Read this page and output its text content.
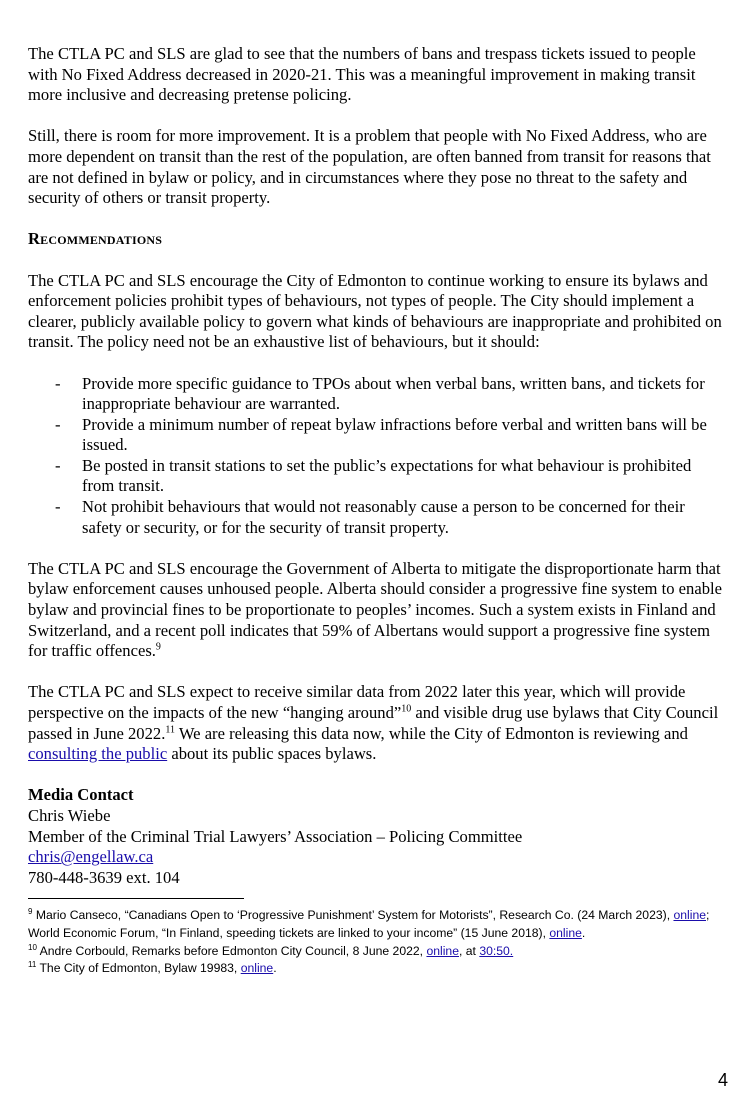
The CTLA PC and SLS are glad to see that the numbers of bans and trespass tickets issued to people with No Fixed Address decreased in 2020-21. This was a meaningful improvement in making transit more inclusive and decreasing pretense policing.

Still, there is room for more improvement. It is a problem that people with No Fixed Address, who are more dependent on transit than the rest of the population, are often banned from transit for reasons that are not defined in bylaw or policy, and in circumstances where they pose no threat to the safety and security of others or transit property.

Recommendations

The CTLA PC and SLS encourage the City of Edmonton to continue working to ensure its bylaws and enforcement policies prohibit types of behaviours, not types of people. The City should implement a clearer, publicly available policy to govern what kinds of behaviours are inappropriate and prohibited on transit. The policy need not be an exhaustive list of behaviours, but it should:

- Provide more specific guidance to TPOs about when verbal bans, written bans, and tickets for inappropriate behaviour are warranted.
- Provide a minimum number of repeat bylaw infractions before verbal and written bans will be issued.
- Be posted in transit stations to set the public’s expectations for what behaviour is prohibited from transit.
- Not prohibit behaviours that would not reasonably cause a person to be concerned for their safety or security, or for the security of transit property.

The CTLA PC and SLS encourage the Government of Alberta to mitigate the disproportionate harm that bylaw enforcement causes unhoused people. Alberta should consider a progressive fine system to enable bylaw and provincial fines to be proportionate to peoples’ incomes. Such a system exists in Finland and Switzerland, and a recent poll indicates that 59% of Albertans would support a progressive fine system for traffic offences.$^9$

The CTLA PC and SLS expect to receive similar data from 2022 later this year, which will provide perspective on the impacts of the new “hanging around”$^{10}$ and visible drug use bylaws that City Council passed in June 2022.11 We are releasing this data now, while the City of Edmonton is reviewing and consulting the public about its public spaces bylaws.

Media Contact
Chris Wiebe
Member of the Criminal Trial Lawyers’ Association – Policing Committee
chris@engellaw.ca
780-448-3639 ext. 104

$^9$ Mario Canseco, “Canadians Open to ‘Progressive Punishment’ System for Motorists”, Research Co. (24 March 2023), online; World Economic Forum, “In Finland, speeding tickets are linked to your income” (15 June 2018), online.

$^{10}$ Andre Corbould, Remarks before Edmonton City Council, 8 June 2022, online, at 30:50.

$^{11}$ The City of Edmonton, Bylaw 19983, online.

4
